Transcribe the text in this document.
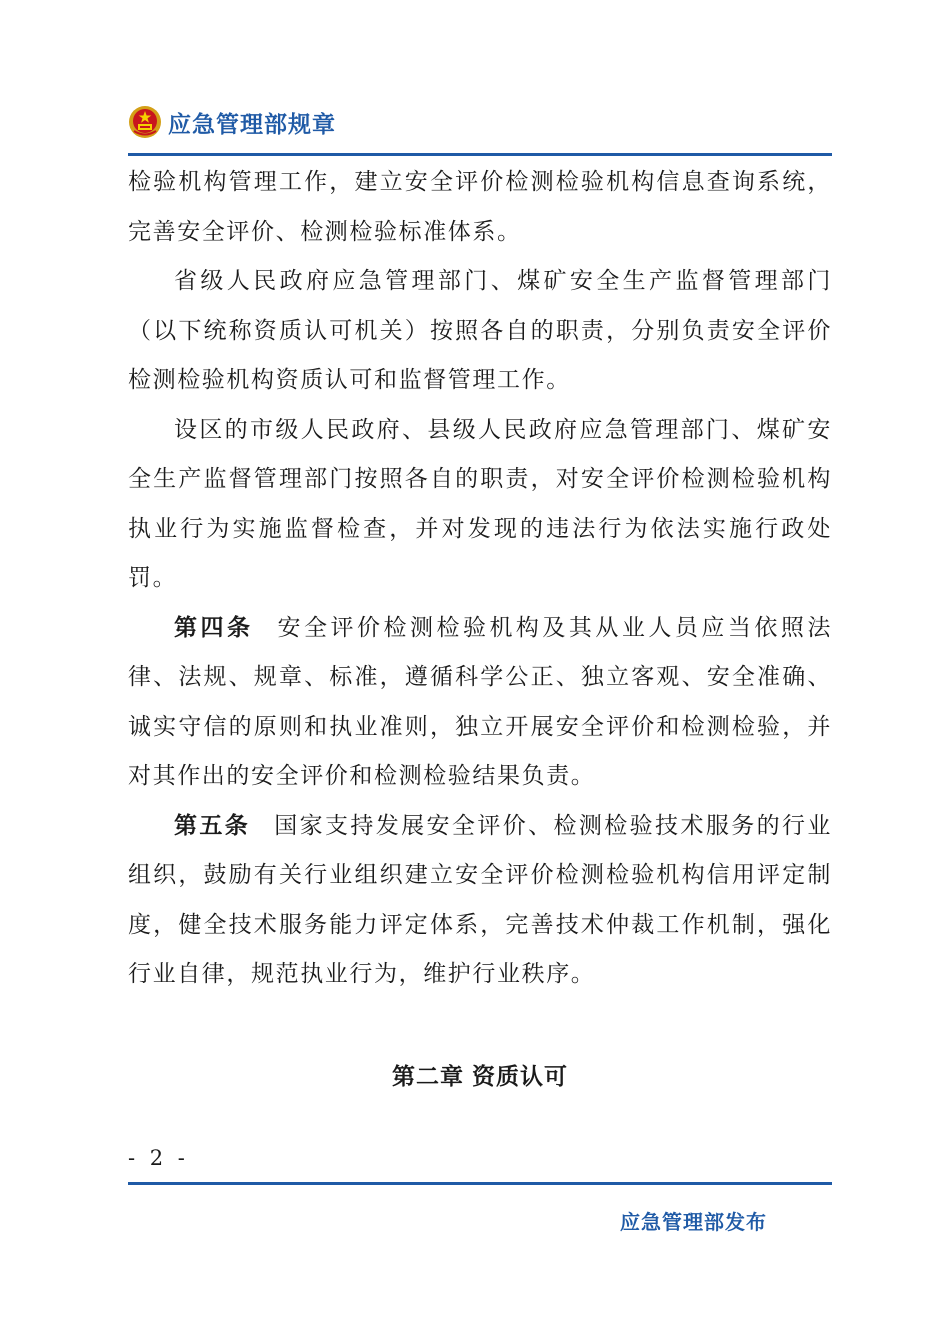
应急管理部规章

检验机构管理工作，建立安全评价检测检验机构信息查询系统，完善安全评价、检测检验标准体系。

省级人民政府应急管理部门、煤矿安全生产监督管理部门（以下统称资质认可机关）按照各自的职责，分别负责安全评价检测检验机构资质认可和监督管理工作。

设区的市级人民政府、县级人民政府应急管理部门、煤矿安全生产监督管理部门按照各自的职责，对安全评价检测检验机构执业行为实施监督检查，并对发现的违法行为依法实施行政处罚。

第四条 安全评价检测检验机构及其从业人员应当依照法律、法规、规章、标准，遵循科学公正、独立客观、安全准确、诚实守信的原则和执业准则，独立开展安全评价和检测检验，并对其作出的安全评价和检测检验结果负责。

第五条 国家支持发展安全评价、检测检验技术服务的行业组织，鼓励有关行业组织建立安全评价检测检验机构信用评定制度，健全技术服务能力评定体系，完善技术仲裁工作机制，强化行业自律，规范执业行为，维护行业秩序。

第二章 资质认可
- 2 -
应急管理部发布
